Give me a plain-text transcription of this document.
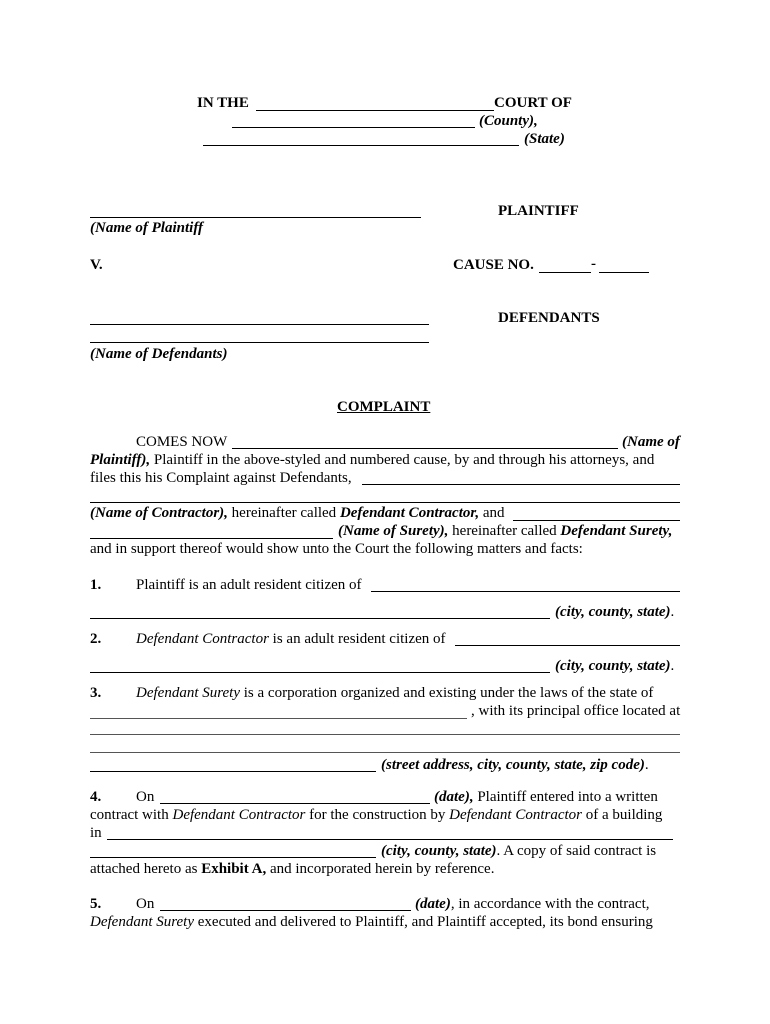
IN THE	COURT OF
(County),
(State)
PLAINTIFF
(Name of Plaintiff
V.	CAUSE NO.	-
DEFENDANTS
(Name of Defendants)
COMPLAINT
COMES NOW	(Name of
Plaintiff), Plaintiff in the above-styled and numbered cause, by and through his attorneys, and
files this his Complaint against Defendants,
(Name of Contractor), hereinafter called Defendant Contractor, and
(Name of Surety), hereinafter called Defendant Surety,
and in support thereof would show unto the Court the following matters and facts:
1. Plaintiff is an adult resident citizen of
(city, county, state).
2. Defendant Contractor is an adult resident citizen of
(city, county, state).
3. Defendant Surety is a corporation organized and existing under the laws of the state of
, with its principal office located at
(street address, city, county, state, zip code).
4. On	(date), Plaintiff entered into a written
contract with Defendant Contractor for the construction by Defendant Contractor of a building
in
(city, county, state). A copy of said contract is
attached hereto as Exhibit A, and incorporated herein by reference.
5. On	(date), in accordance with the contract,
Defendant Surety executed and delivered to Plaintiff, and Plaintiff accepted, its bond ensuring
